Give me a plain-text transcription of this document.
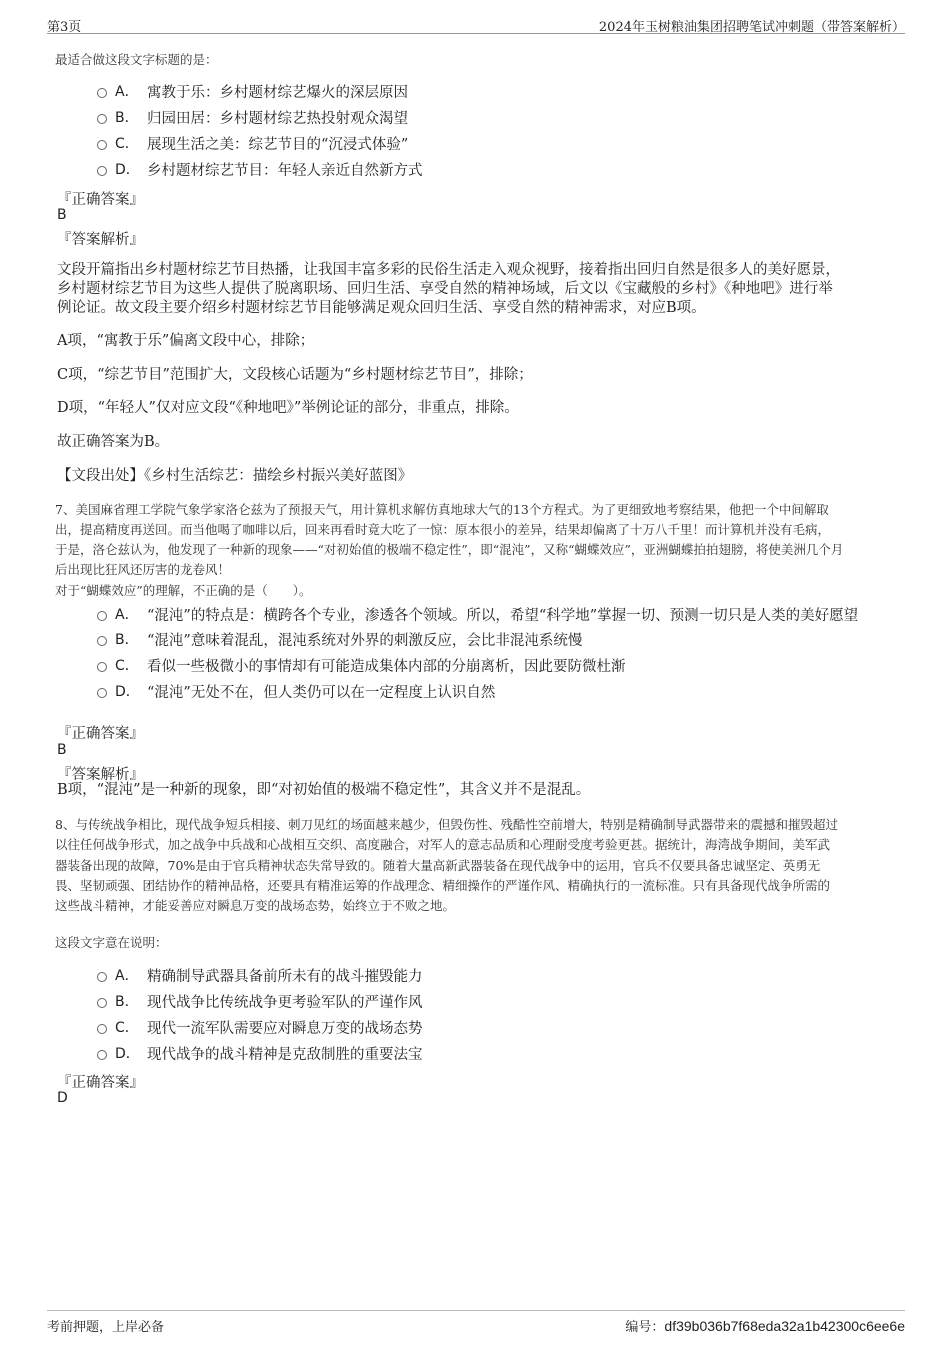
第3页	2024年玉树粮油集团招聘笔试冲刺题（带答案解析）
最适合做这段文字标题的是：
A． 寓教于乐：乡村题材综艺爆火的深层原因
B． 归园田居：乡村题材综艺热投射观众渴望
C． 展现生活之美：综艺节目的“沉浸式体验”
D． 乡村题材综艺节目：年轻人亲近自然新方式
『正确答案』
B
『答案解析』
文段开篇指出乡村题材综艺节目热播，让我国丰富多彩的民俗生活走入观众视野，接着指出回归自然是很多人的美好愿景，
乡村题材综艺节目为这些人提供了脱离职场、回归生活、享受自然的精神场域，后文以《宝藏般的乡村》《种地吧》进行举
例论证。故文段主要介绍乡村题材综艺节目能够满足观众回归生活、享受自然的精神需求，对应B项。
A项，“寓教于乐”偏离文段中心，排除；
C项，“综艺节目”范围扩大，文段核心话题为“乡村题材综艺节目”，排除；
D项，“年轻人”仅对应文段“《种地吧》”举例论证的部分，非重点，排除。
故正确答案为B。
【文段出处】《乡村生活综艺：描绘乡村振兴美好蓝图》
7、美国麻省理工学院气象学家洛仑兹为了预报天气，用计算机求解仿真地球大气的13个方程式。为了更细致地考察结果，他把一个中间解取
出，提高精度再送回。而当他喝了咖啡以后，回来再看时竟大吃了一惊：原本很小的差异，结果却偏离了十万八千里！而计算机并没有毛病，
于是，洛仑兹认为，他发现了一种新的现象——“对初始值的极端不稳定性”，即“混沌”，又称“蝴蝶效应”，亚洲蝴蝶拍拍翅膀，将使美洲几个月
后出现比狂风还厉害的龙卷风！
对于“蝴蝶效应”的理解，不正确的是（　　）。
A． “混沌”的特点是：横跨各个专业，渗透各个领域。所以，希望“科学地”掌握一切、预测一切只是人类的美好愿望
B． “混沌”意味着混乱，混沌系统对外界的刺激反应，会比非混沌系统慢
C． 看似一些极微小的事情却有可能造成集体内部的分崩离析，因此要防微杜渐
D． “混沌”无处不在，但人类仍可以在一定程度上认识自然
『正确答案』
B
『答案解析』
B项，“混沌”是一种新的现象，即“对初始值的极端不稳定性”，其含义并不是混乱。
8、与传统战争相比，现代战争短兵相接、刺刀见红的场面越来越少，但毁伤性、残酷性空前增大，特别是精确制导武器带来的震撼和摧毁超过
以往任何战争形式，加之战争中兵战和心战相互交织、高度融合，对军人的意志品质和心理耐受度考验更甚。据统计，海湾战争期间，美军武
器装备出现的故障，70%是由于官兵精神状态失常导致的。随着大量高新武器装备在现代战争中的运用，官兵不仅要具备忠诚坚定、英勇无
畏、坚韧顽强、团结协作的精神品格，还要具有精准运筹的作战理念、精细操作的严谨作风、精确执行的一流标准。只有具备现代战争所需的
这些战斗精神，才能妥善应对瞬息万变的战场态势，始终立于不败之地。
这段文字意在说明：
A． 精确制导武器具备前所未有的战斗摧毁能力
B． 现代战争比传统战争更考验军队的严谨作风
C． 现代一流军队需要应对瞬息万变的战场态势
D． 现代战争的战斗精神是克敌制胜的重要法宝
『正确答案』
D
考前押题，上岸必备	编号：df39b036b7f68eda32a1b42300c6ee6e
